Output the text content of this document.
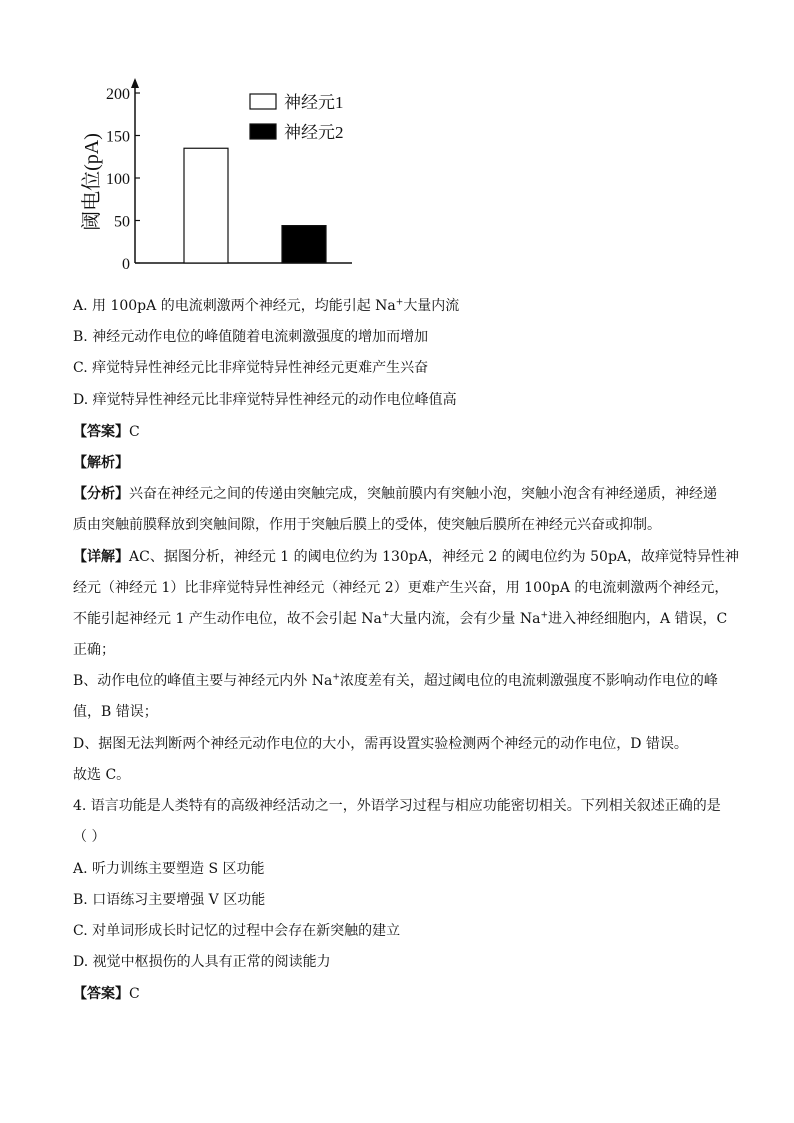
0
50
100
150
200	神经元1
神经元2
阈电位(pA)
A. 用 100pA 的电流刺激两个神经元，均能引起 Na+大量内流
B. 神经元动作电位的峰值随着电流刺激强度的增加而增加
C. 痒觉特异性神经元比非痒觉特异性神经元更难产生兴奋
D. 痒觉特异性神经元比非痒觉特异性神经元的动作电位峰值高
【答案】C
【解析】
【分析】兴奋在神经元之间的传递由突触完成，突触前膜内有突触小泡，突触小泡含有神经递质，神经递
质由突触前膜释放到突触间隙，作用于突触后膜上的受体，使突触后膜所在神经元兴奋或抑制。
【详解】AC、据图分析，神经元 1 的阈电位约为 130pA，神经元 2 的阈电位约为 50pA，故痒觉特异性神
经元（神经元 1）比非痒觉特异性神经元（神经元 2）更难产生兴奋，用 100pA 的电流刺激两个神经元，
不能引起神经元 1 产生动作电位，故不会引起 Na+大量内流，会有少量 Na+进入神经细胞内，A 错误，C
正确；
B、动作电位的峰值主要与神经元内外 Na+浓度差有关，超过阈电位的电流刺激强度不影响动作电位的峰
值，B 错误；
D、据图无法判断两个神经元动作电位的大小，需再设置实验检测两个神经元的动作电位，D 错误。
故选 C。
4. 语言功能是人类特有的高级神经活动之一，外语学习过程与相应功能密切相关。下列相关叙述正确的是
（ ）
A. 听力训练主要塑造 S 区功能
B. 口语练习主要增强 V 区功能
C. 对单词形成长时记忆的过程中会存在新突触的建立
D. 视觉中枢损伤的人具有正常的阅读能力
【答案】C
